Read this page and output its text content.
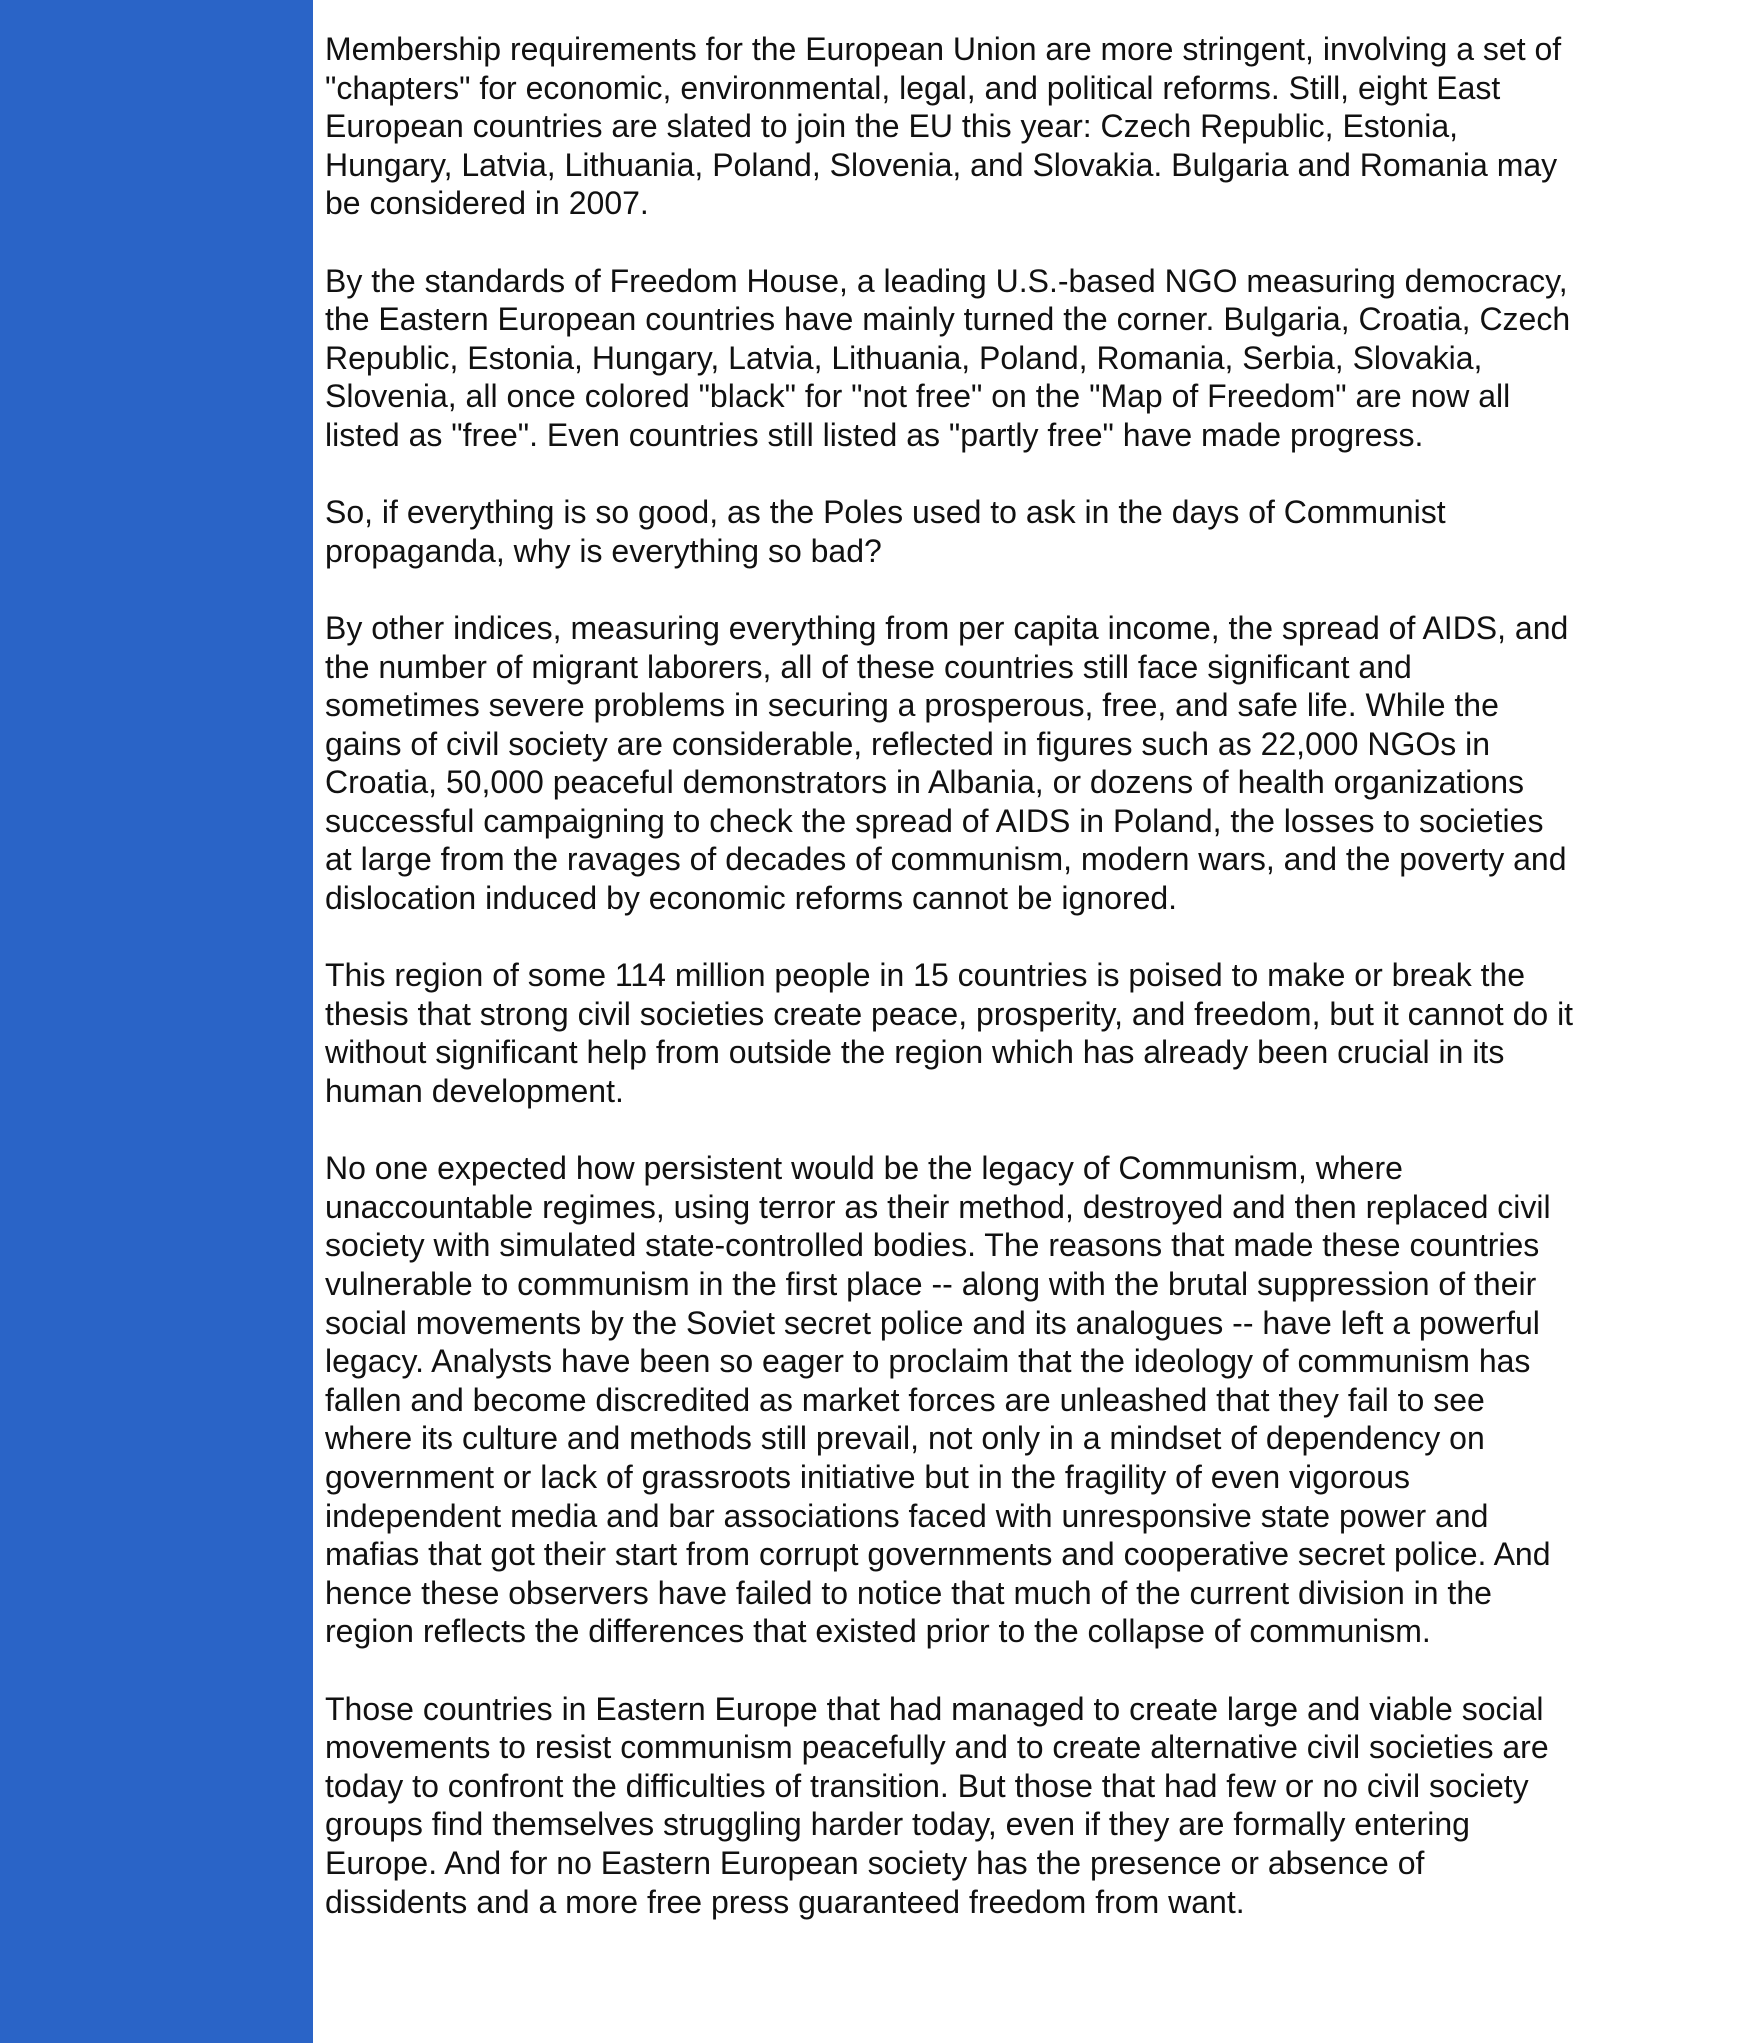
Membership requirements for the European Union are more stringent, involving a set of "chapters" for economic, environmental, legal, and political reforms. Still, eight East European countries are slated to join the EU this year: Czech Republic, Estonia, Hungary, Latvia, Lithuania, Poland, Slovenia, and Slovakia. Bulgaria and Romania may be considered in 2007.

By the standards of Freedom House, a leading U.S.-based NGO measuring democracy, the Eastern European countries have mainly turned the corner. Bulgaria, Croatia, Czech Republic, Estonia, Hungary, Latvia, Lithuania, Poland, Romania, Serbia, Slovakia, Slovenia, all once colored "black" for "not free" on the "Map of Freedom" are now all listed as "free". Even countries still listed as "partly free" have made progress.

So, if everything is so good, as the Poles used to ask in the days of Communist propaganda, why is everything so bad?

By other indices, measuring everything from per capita income, the spread of AIDS, and the number of migrant laborers, all of these countries still face significant and sometimes severe problems in securing a prosperous, free, and safe life. While the gains of civil society are considerable, reflected in figures such as 22,000 NGOs in Croatia, 50,000 peaceful demonstrators in Albania, or dozens of health organizations successful campaigning to check the spread of AIDS in Poland, the losses to societies at large from the ravages of decades of communism, modern wars, and the poverty and dislocation induced by economic reforms cannot be ignored.

This region of some 114 million people in 15 countries is poised to make or break the thesis that strong civil societies create peace, prosperity, and freedom, but it cannot do it without significant help from outside the region which has already been crucial in its human development.

No one expected how persistent would be the legacy of Communism, where unaccountable regimes, using terror as their method, destroyed and then replaced civil society with simulated state-controlled bodies. The reasons that made these countries vulnerable to communism in the first place -- along with the brutal suppression of their social movements by the Soviet secret police and its analogues -- have left a powerful legacy. Analysts have been so eager to proclaim that the ideology of communism has fallen and become discredited as market forces are unleashed that they fail to see where its culture and methods still prevail, not only in a mindset of dependency on government or lack of grassroots initiative but in the fragility of even vigorous independent media and bar associations faced with unresponsive state power and mafias that got their start from corrupt governments and cooperative secret police. And hence these observers have failed to notice that much of the current division in the region reflects the differences that existed prior to the collapse of communism.

Those countries in Eastern Europe that had managed to create large and viable social movements to resist communism peacefully and to create alternative civil societies are today to confront the difficulties of transition. But those that had few or no civil society groups find themselves struggling harder today, even if they are formally entering Europe. And for no Eastern European society has the presence or absence of dissidents and a more free press guaranteed freedom from want.
